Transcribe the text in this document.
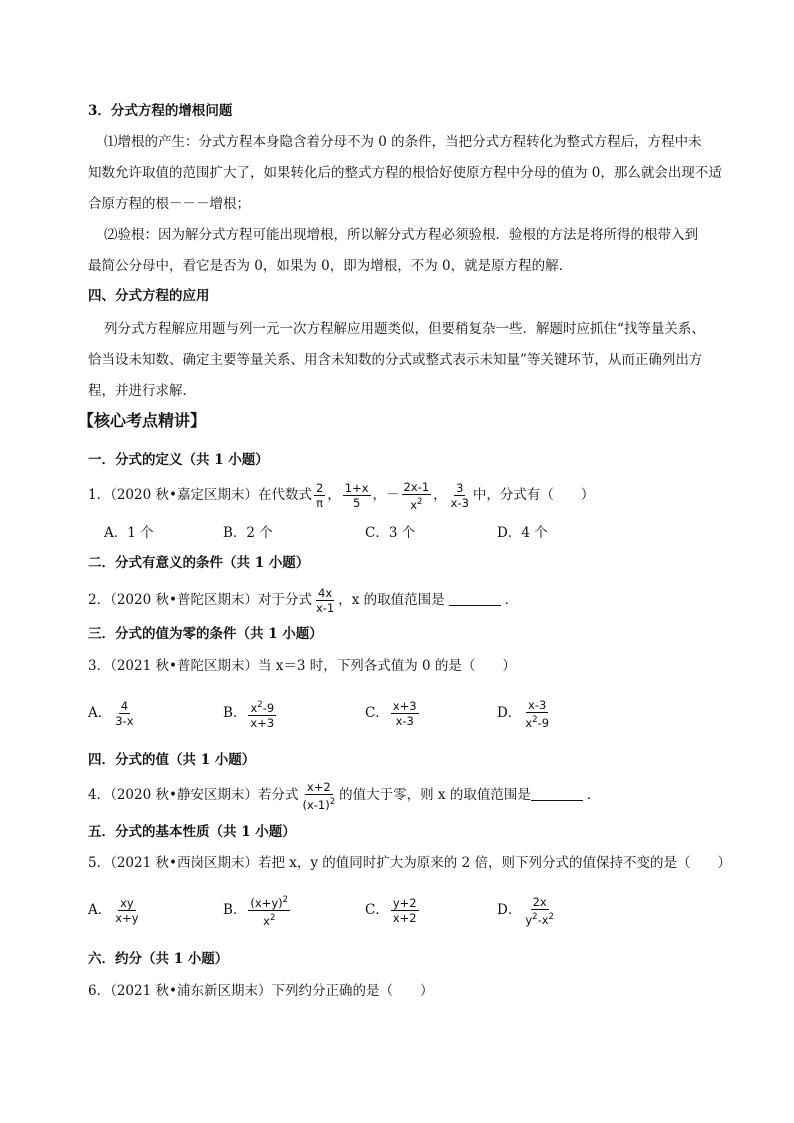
3．分式方程的增根问题
⑴增根的产生：分式方程本身隐含着分母不为 0 的条件，当把分式方程转化为整式方程后，方程中未
知数允许取值的范围扩大了，如果转化后的整式方程的根恰好使原方程中分母的值为 0，那么就会出现不适
合原方程的根－－－增根；
⑵验根：因为解分式方程可能出现增根，所以解分式方程必须验根．验根的方法是将所得的根带入到
最简公分母中，看它是否为 0，如果为 0，即为增根，不为 0，就是原方程的解．
四、分式方程的应用
列分式方程解应用题与列一元一次方程解应用题类似，但要稍复杂一些．解题时应抓住“找等量关系、
恰当设未知数、确定主要等量关系、用含未知数的分式或整式表示未知量”等关键环节，从而正确列出方
程，并进行求解．
【核心考点精讲】
一．分式的定义（共 1 小题）
1．（2020 秋•嘉定区期末）在代数式 $\frac{2}{\pi}$ ， $\frac{1+x}{5}$ ，－ $\frac{2x-1}{x^2}$ ， $\frac{3}{x-3}$ 中，分式有（　　）
A．1 个	B．2 个	C．3 个	D．4 个
二．分式有意义的条件（共 1 小题）
2．（2020 秋•普陀区期末）对于分式 $\frac{4x}{x-1}$ ，x 的取值范围是	．
三．分式的值为零的条件（共 1 小题）
3．（2021 秋•普陀区期末）当 x＝3 时，下列各式值为 0 的是（　　）
A． $\frac{4}{3-x}$	B． $\frac{x^2-9}{x+3}$	C． $\frac{x+3}{x-3}$	D． $\frac{x-3}{x^2-9}$
四．分式的值（共 1 小题）
4．（2020 秋•静安区期末）若分式 $\frac{x+2}{(x-1)^2}$ 的值大于零，则 x 的取值范围是	．
五．分式的基本性质（共 1 小题）
5．（2021 秋•西岗区期末）若把 x，y 的值同时扩大为原来的 2 倍，则下列分式的值保持不变的是（　　）
A． $\frac{xy}{x+y}$	B． $\frac{(x+y)^2}{x^2}$	C． $\frac{y+2}{x+2}$	D． $\frac{2x}{y^2-x^2}$
六．约分（共 1 小题）
6．（2021 秋•浦东新区期末）下列约分正确的是（　　）
